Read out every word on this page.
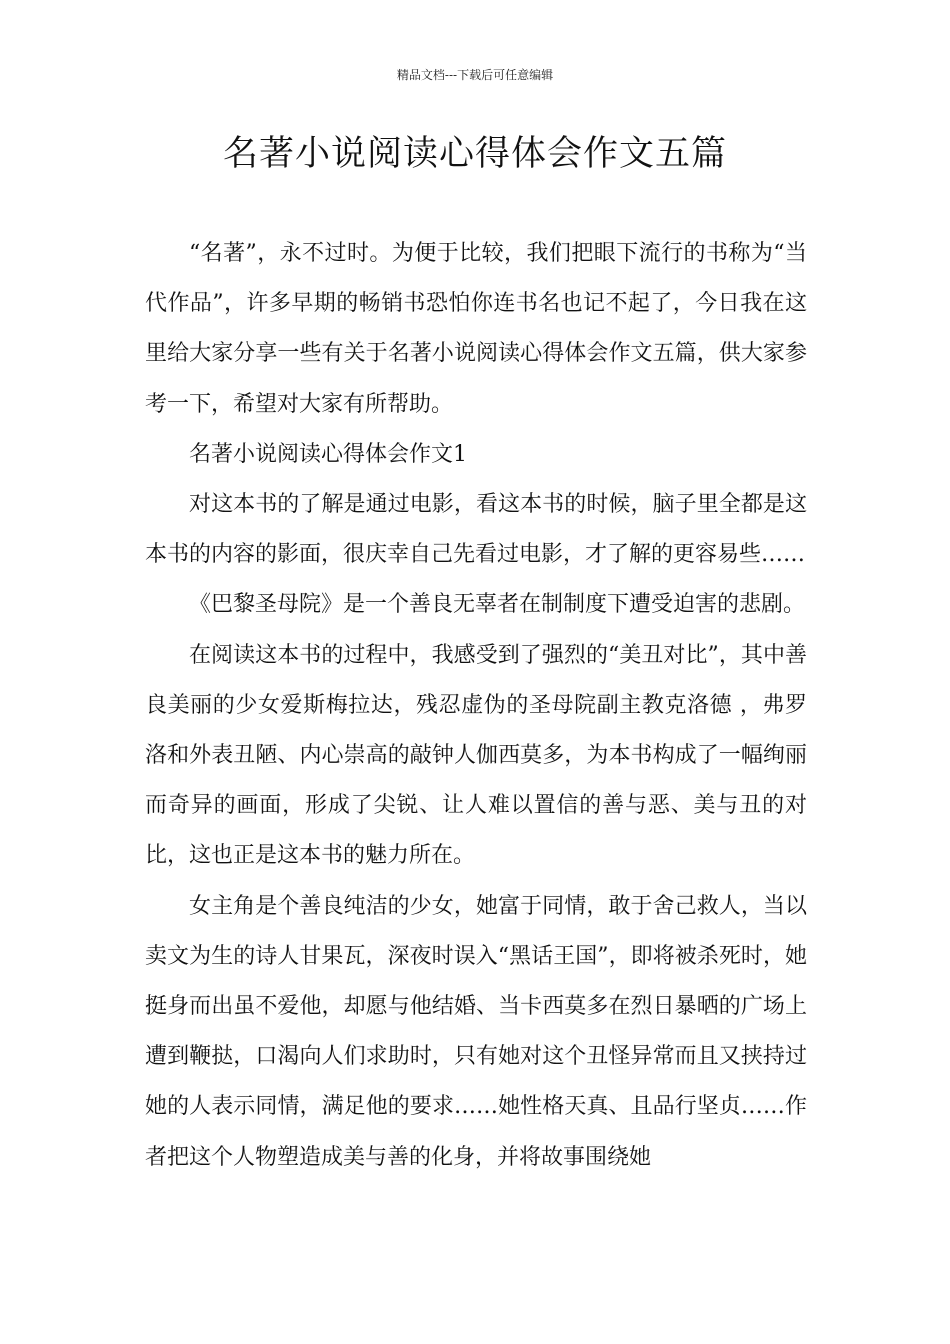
精品文档---下载后可任意编辑
名著小说阅读心得体会作文五篇

“名著”，永不过时。为便于比较，我们把眼下流行的书称为“当代作品”，许多早期的畅销书恐怕你连书名也记不起了，今日我在这里给大家分享一些有关于名著小说阅读心得体会作文五篇，供大家参考一下，希望对大家有所帮助。

名著小说阅读心得体会作文1

对这本书的了解是通过电影，看这本书的时候，脑子里全都是这本书的内容的影面，很庆幸自己先看过电影，才了解的更容易些……

《巴黎圣母院》是一个善良无辜者在制制度下遭受迫害的悲剧。

在阅读这本书的过程中，我感受到了强烈的“美丑对比”，其中善良美丽的少女爱斯梅拉达，残忍虚伪的圣母院副主教克洛德 ，弗罗洛和外表丑陋、内心崇高的敲钟人伽西莫多，为本书构成了一幅绚丽而奇异的画面，形成了尖锐、让人难以置信的善与恶、美与丑的对比，这也正是这本书的魅力所在。

女主角是个善良纯洁的少女，她富于同情，敢于舍己救人，当以卖文为生的诗人甘果瓦，深夜时误入“黑话王国”，即将被杀死时，她挺身而出虽不爱他，却愿与他结婚、当卡西莫多在烈日暴晒的广场上遭到鞭挞，口渴向人们求助时，只有她对这个丑怪异常而且又挟持过她的人表示同情，满足他的要求……她性格天真、且品行坚贞……作者把这个人物塑造成美与善的化身，并将故事围绕她
